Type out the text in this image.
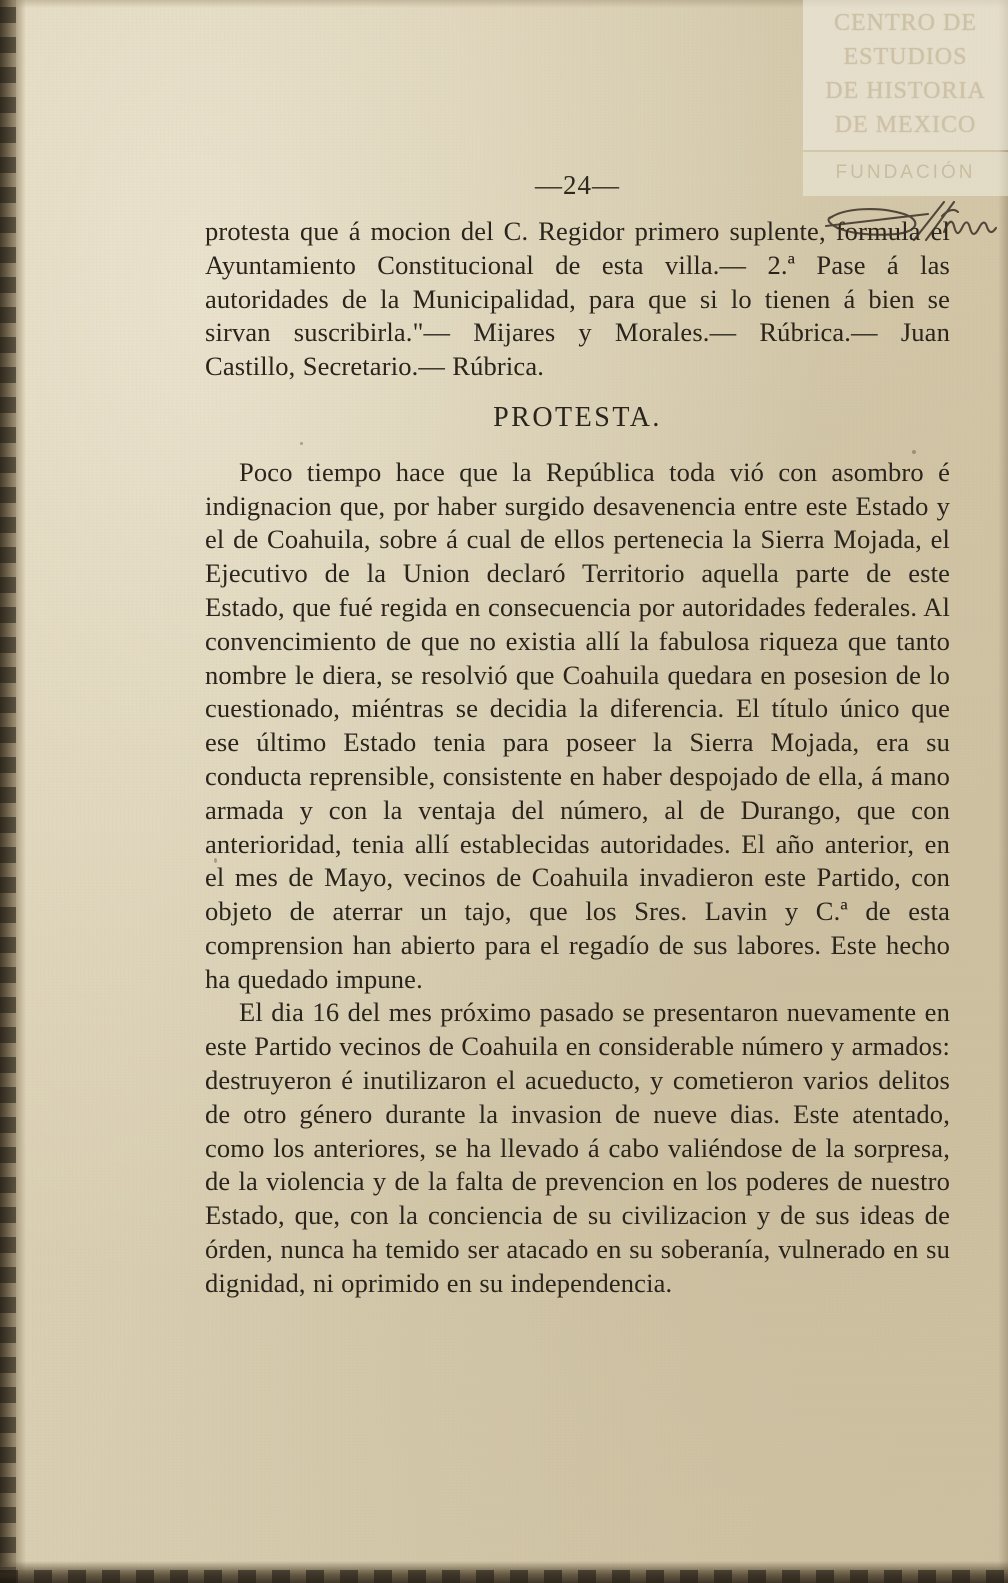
CENTRO DE
ESTUDIOS
DE HISTORIA
DE MEXICO
FUNDACIÓN
—24—

protesta que á mocion del C. Regidor primero suplente, formula el Ayuntamiento Constitucional de esta villa.— 2.ª Pase á las autoridades de la Municipalidad, para que si lo tienen á bien se sirvan suscribirla."— Mijares y Morales.— Rúbrica.— Juan Castillo, Secretario.— Rúbrica.

PROTESTA.

Poco tiempo hace que la República toda vió con asombro é indignacion que, por haber surgido desavenencia entre este Estado y el de Coahuila, sobre á cual de ellos pertenecia la Sierra Mojada, el Ejecutivo de la Union declaró Territorio aquella parte de este Estado, que fué regida en consecuencia por autoridades federales. Al convencimiento de que no existia allí la fabulosa riqueza que tanto nombre le diera, se resolvió que Coahuila quedara en posesion de lo cuestionado, miéntras se decidia la diferencia. El título único que ese último Estado tenia para poseer la Sierra Mojada, era su conducta reprensible, consistente en haber despojado de ella, á mano armada y con la ventaja del número, al de Durango, que con anterioridad, tenia allí establecidas autoridades. El año anterior, en el mes de Mayo, vecinos de Coahuila invadieron este Partido, con objeto de aterrar un tajo, que los Sres. Lavin y C.ª de esta comprension han abierto para el regadío de sus labores. Este hecho ha quedado impune.

El dia 16 del mes próximo pasado se presentaron nuevamente en este Partido vecinos de Coahuila en considerable número y armados: destruyeron é inutilizaron el acueducto, y cometieron varios delitos de otro género durante la invasion de nueve dias. Este atentado, como los anteriores, se ha llevado á cabo valiéndose de la sorpresa, de la violencia y de la falta de prevencion en los poderes de nuestro Estado, que, con la conciencia de su civilizacion y de sus ideas de órden, nunca ha temido ser atacado en su soberanía, vulnerado en su dignidad, ni oprimido en su independencia.
